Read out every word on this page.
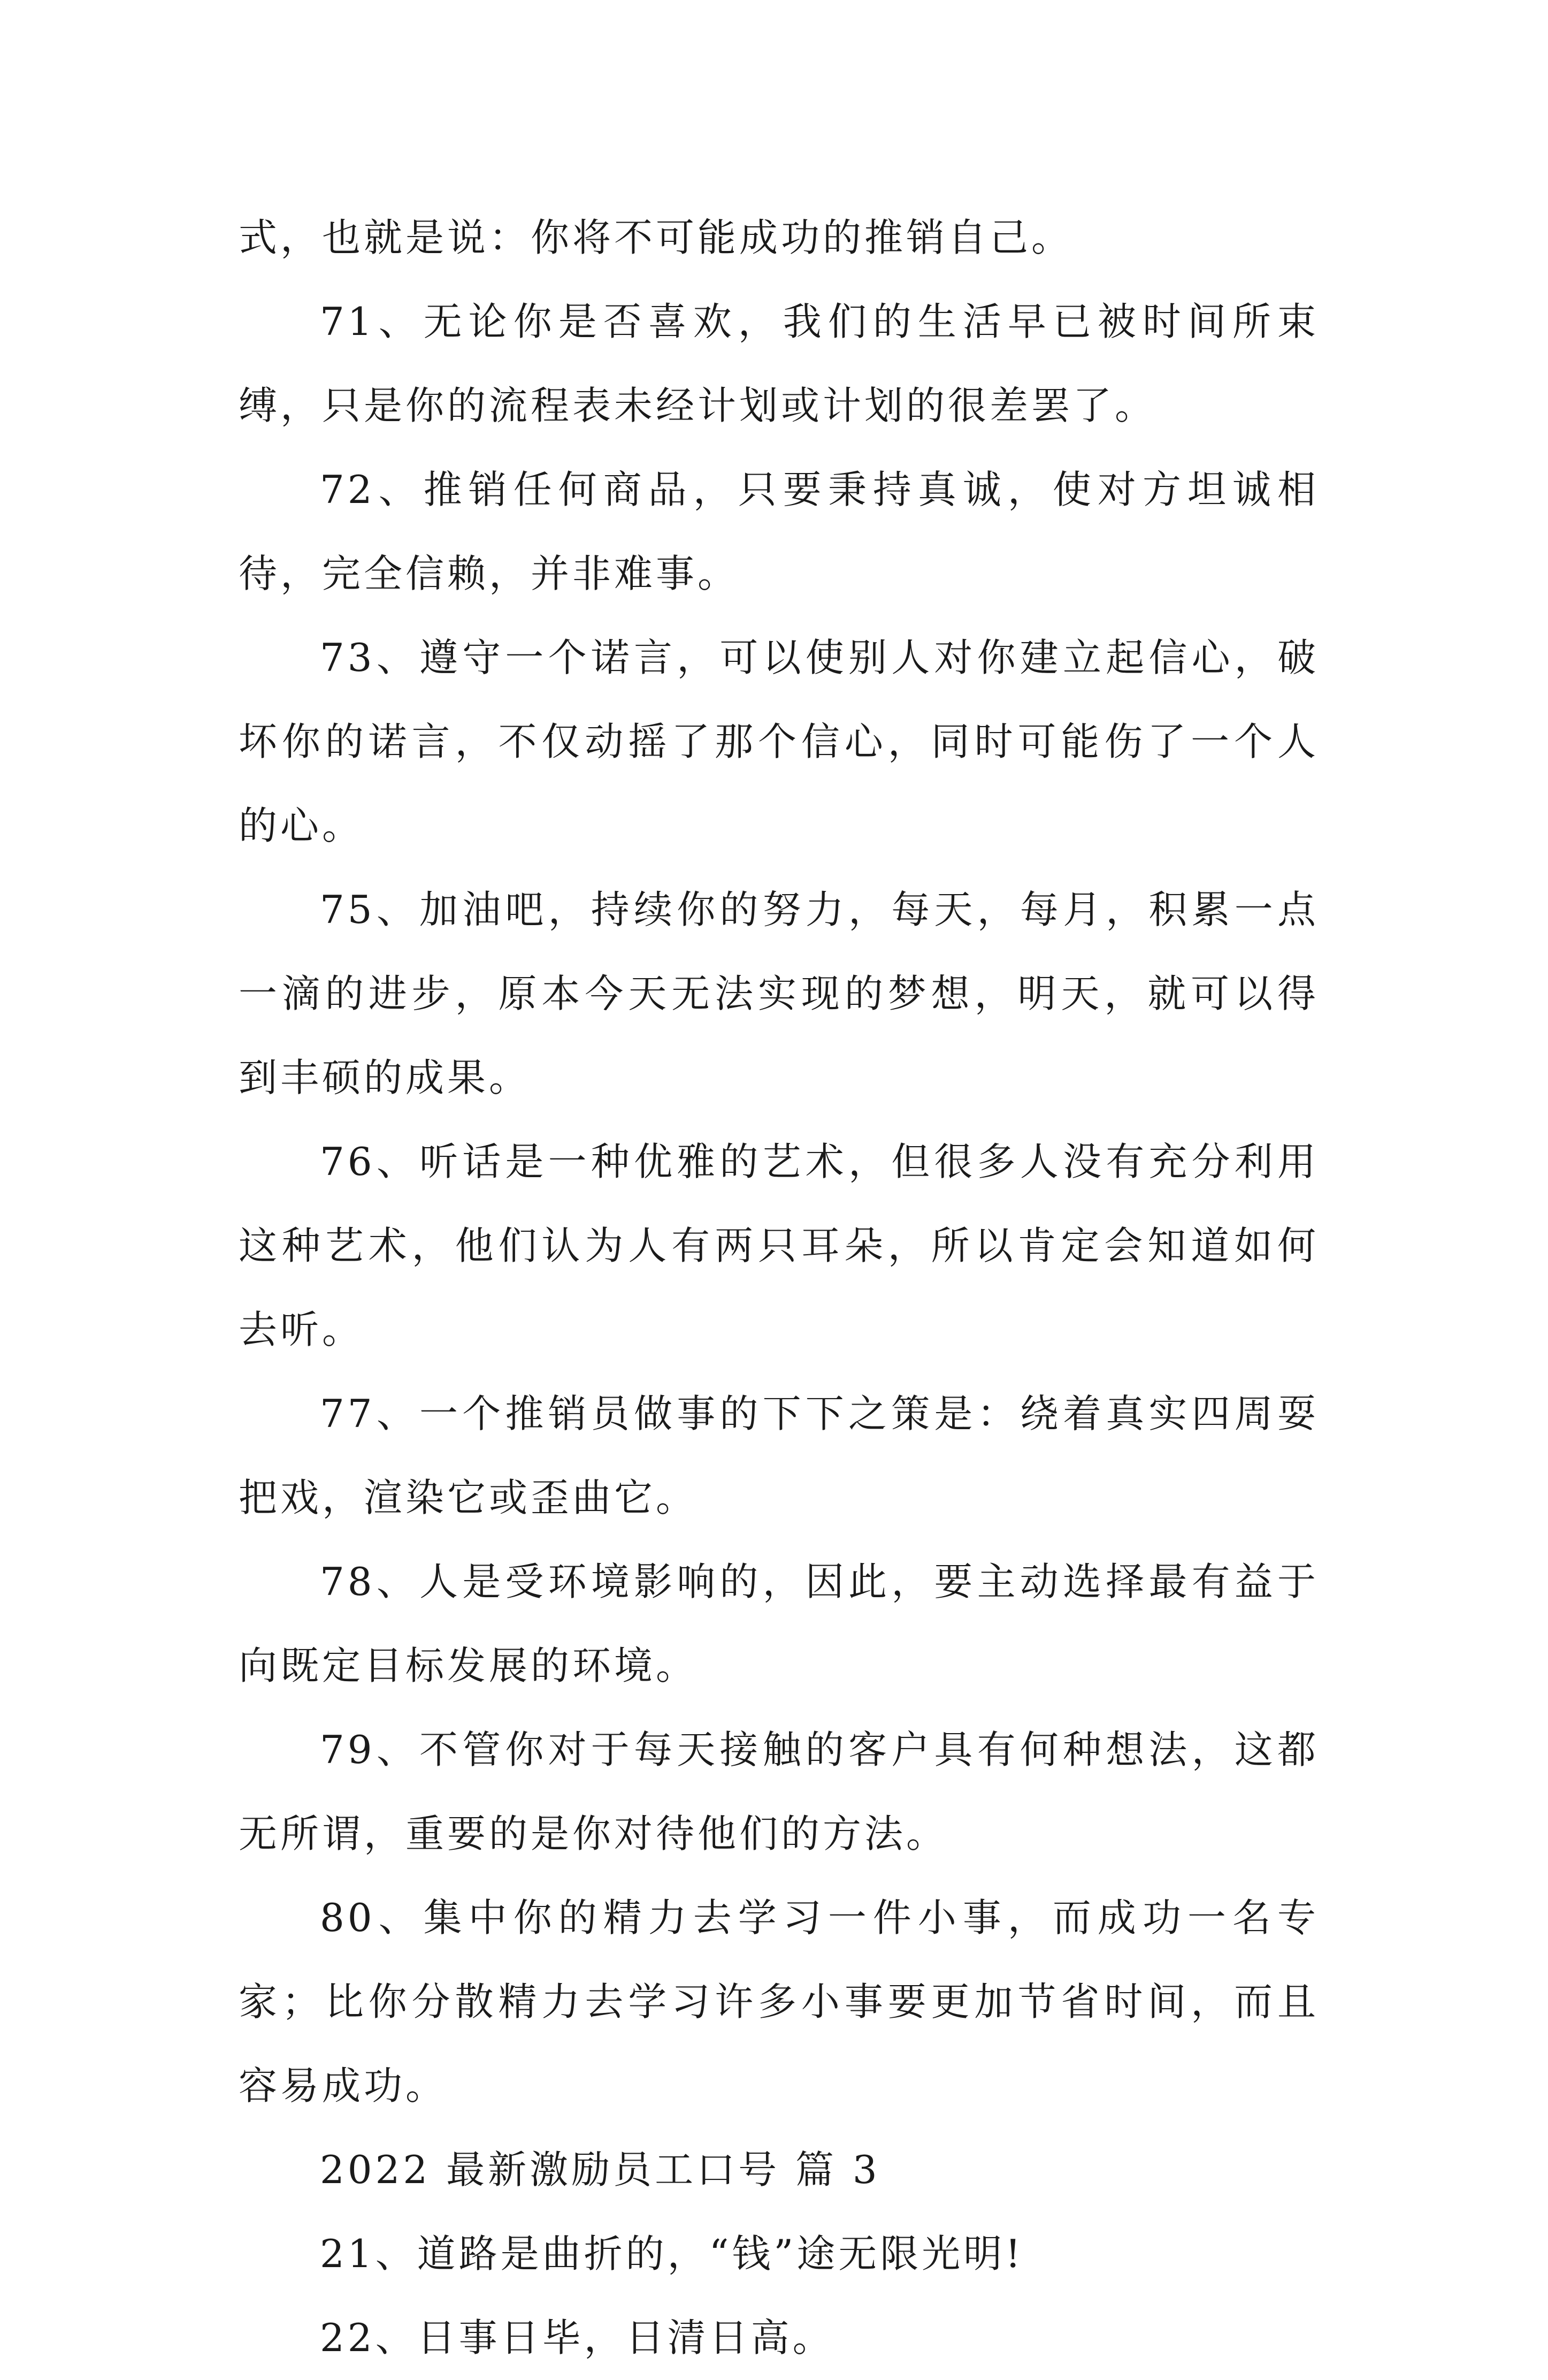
式，也就是说：你将不可能成功的推销自己。

71、无论你是否喜欢，我们的生活早已被时间所束缚，只是你的流程表未经计划或计划的很差罢了。

72、推销任何商品，只要秉持真诚，使对方坦诚相待，完全信赖，并非难事。

73、遵守一个诺言，可以使别人对你建立起信心，破坏你的诺言，不仅动摇了那个信心，同时可能伤了一个人的心。

75、加油吧，持续你的努力，每天，每月，积累一点一滴的进步，原本今天无法实现的梦想，明天，就可以得到丰硕的成果。

76、听话是一种优雅的艺术，但很多人没有充分利用这种艺术，他们认为人有两只耳朵，所以肯定会知道如何去听。

77、一个推销员做事的下下之策是：绕着真实四周耍把戏，渲染它或歪曲它。

78、人是受环境影响的，因此，要主动选择最有益于向既定目标发展的环境。

79、不管你对于每天接触的客户具有何种想法，这都无所谓，重要的是你对待他们的方法。

80、集中你的精力去学习一件小事，而成功一名专家；比你分散精力去学习许多小事要更加节省时间，而且容易成功。

2022 最新激励员工口号 篇 3

21、道路是曲折的，“钱”途无限光明!

22、日事日毕，日清日高。
